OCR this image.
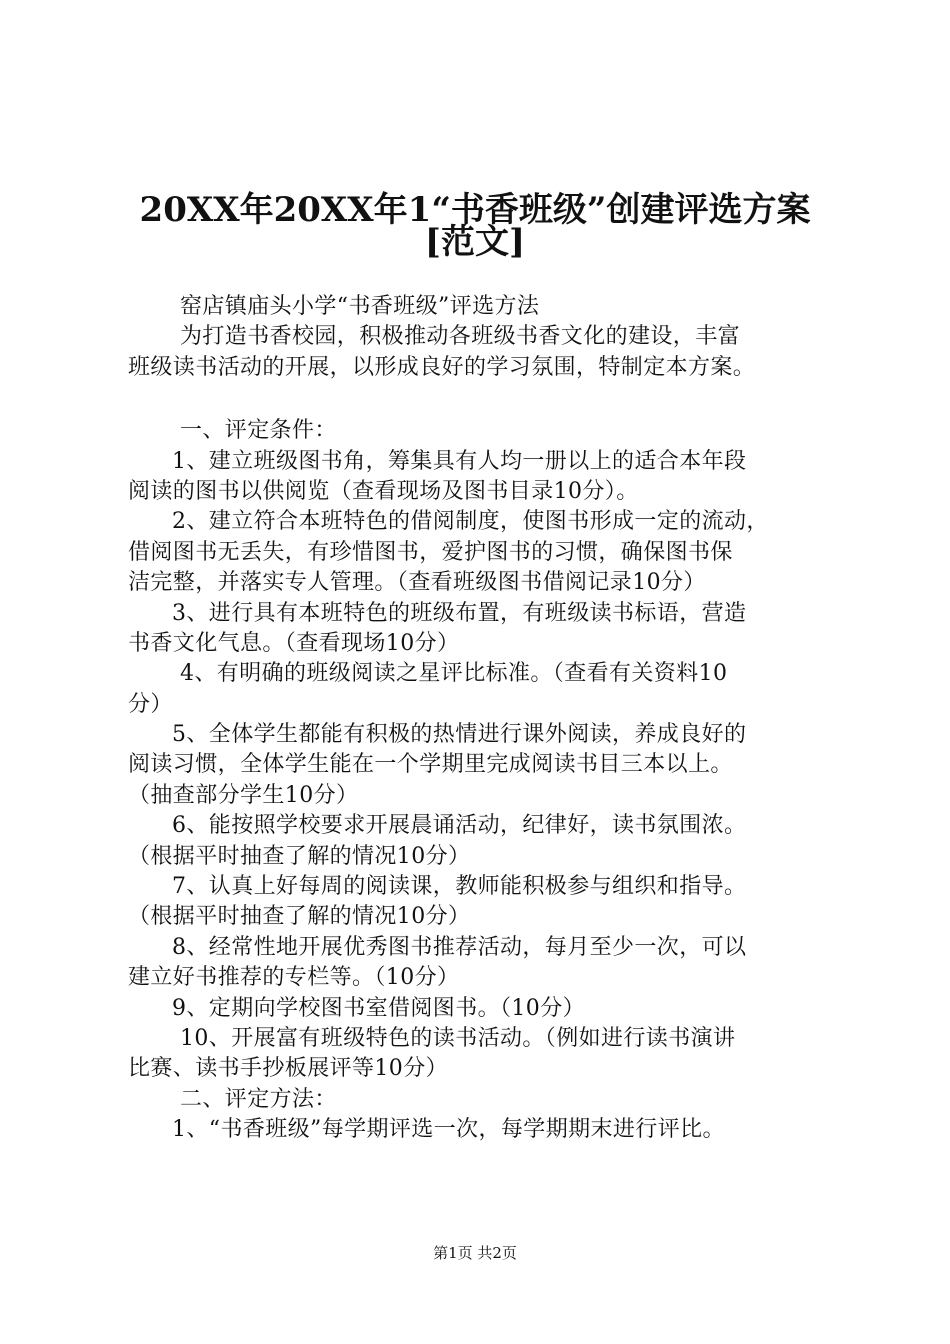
20XX年20XX年1“书香班级”创建评选方案
[范文]
窑店镇庙头小学“书香班级”评选方法
为打造书香校园，积极推动各班级书香文化的建设，丰富
班级读书活动的开展，以形成良好的学习氛围，特制定本方案。
一、评定条件：
1、建立班级图书角，筹集具有人均一册以上的适合本年段
阅读的图书以供阅览（查看现场及图书目录10分）。
2、建立符合本班特色的借阅制度，使图书形成一定的流动，
借阅图书无丢失，有珍惜图书，爱护图书的习惯，确保图书保
洁完整，并落实专人管理。（查看班级图书借阅记录10分）
3、进行具有本班特色的班级布置，有班级读书标语，营造
书香文化气息。（查看现场10分）
4、有明确的班级阅读之星评比标准。（查看有关资料10
分）
5、全体学生都能有积极的热情进行课外阅读，养成良好的
阅读习惯，全体学生能在一个学期里完成阅读书目三本以上。
（抽查部分学生10分）
6、能按照学校要求开展晨诵活动，纪律好，读书氛围浓。
（根据平时抽查了解的情况10分）
7、认真上好每周的阅读课，教师能积极参与组织和指导。
（根据平时抽查了解的情况10分）
8、经常性地开展优秀图书推荐活动，每月至少一次，可以
建立好书推荐的专栏等。（10分）
9、定期向学校图书室借阅图书。（10分）
10、开展富有班级特色的读书活动。（例如进行读书演讲
比赛、读书手抄板展评等10分）
二、评定方法：
1、“书香班级”每学期评选一次，每学期期末进行评比。
第1页 共2页
